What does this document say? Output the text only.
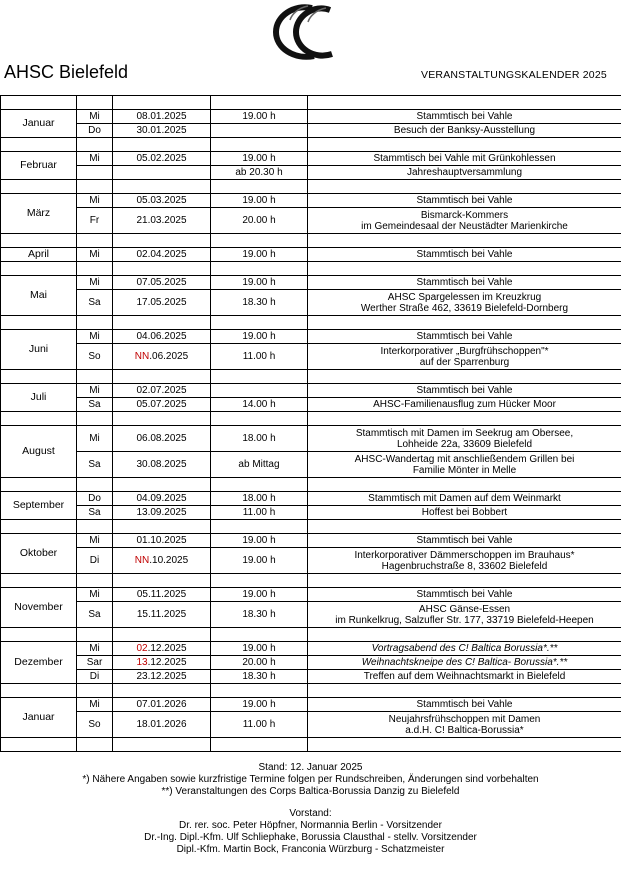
AHSC Bielefeld	VERANSTALTUNGSKALENDER 2025

Januar	Mi	08.01.2025	19.00 h	Stammtisch bei Vahle

	Do	30.01.2025		Besuch der Banksy-Ausstellung

Februar	Mi	05.02.2025	19.00 h	Stammtisch bei Vahle mit Grünkohlessen

			ab 20.30 h	Jahreshauptversammlung

März	Mi	05.03.2025	19.00 h	Stammtisch bei Vahle

	Fr	21.03.2025	20.00 h	Bismarck-Kommers
im Gemeindesaal der Neustädter Marienkirche

April	Mi	02.04.2025	19.00 h	Stammtisch bei Vahle

Mai	Mi	07.05.2025	19.00 h	Stammtisch bei Vahle

	Sa	17.05.2025	18.30 h	AHSC Spargelessen im Kreuzkrug
Werther Straße 462, 33619 Bielefeld-Dornberg

Juni	Mi	04.06.2025	19.00 h	Stammtisch bei Vahle

	So	NN.06.2025	11.00 h	Interkorporativer „Burgfrühschoppen"*
auf der Sparrenburg

Juli	Mi	02.07.2025		Stammtisch bei Vahle

	Sa	05.07.2025	14.00 h	AHSC-Familienausflug zum Hücker Moor

August	Mi	06.08.2025	18.00 h	Stammtisch mit Damen im Seekrug am Obersee,
Lohheide 22a, 33609 Bielefeld

	Sa	30.08.2025	ab Mittag	AHSC-Wandertag mit anschließendem Grillen bei
Familie Mönter in Melle

September	Do	04.09.2025	18.00 h	Stammtisch mit Damen auf dem Weinmarkt

	Sa	13.09.2025	11.00 h	Hoffest bei Bobbert

Oktober	Mi	01.10.2025	19.00 h	Stammtisch bei Vahle

	Di	NN.10.2025	19.00 h	Interkorporativer Dämmerschoppen im Brauhaus*
Hagenbruchstraße 8, 33602 Bielefeld

November	Mi	05.11.2025	19.00 h	Stammtisch bei Vahle

	Sa	15.11.2025	18.30 h	AHSC Gänse-Essen
im Runkelkrug, Salzufler Str. 177, 33719 Bielefeld-Heepen

Dezember	Mi	02.12.2025	19.00 h	Vortragsabend des C! Baltica Borussia*.**

	Sar	13.12.2025	20.00 h	Weihnachtskneipe des C! Baltica- Borussia*.**

	Di	23.12.2025	18.30 h	Treffen auf dem Weihnachtsmarkt in Bielefeld

Januar	Mi	07.01.2026	19.00 h	Stammtisch bei Vahle

	So	18.01.2026	11.00 h	Neujahrsfrühschoppen mit Damen
a.d.H. C! Baltica-Borussia*

Stand: 12. Januar 2025
*) Nähere Angaben sowie kurzfristige Termine folgen per Rundschreiben, Änderungen sind vorbehalten
**) Veranstaltungen des Corps Baltica-Borussia Danzig zu Bielefeld
Vorstand:
Dr. rer. soc. Peter Höpfner, Normannia Berlin - Vorsitzender
Dr.-Ing. Dipl.-Kfm. Ulf Schliephake, Borussia Clausthal - stellv. Vorsitzender
Dipl.-Kfm. Martin Bock, Franconia Würzburg - Schatzmeister
